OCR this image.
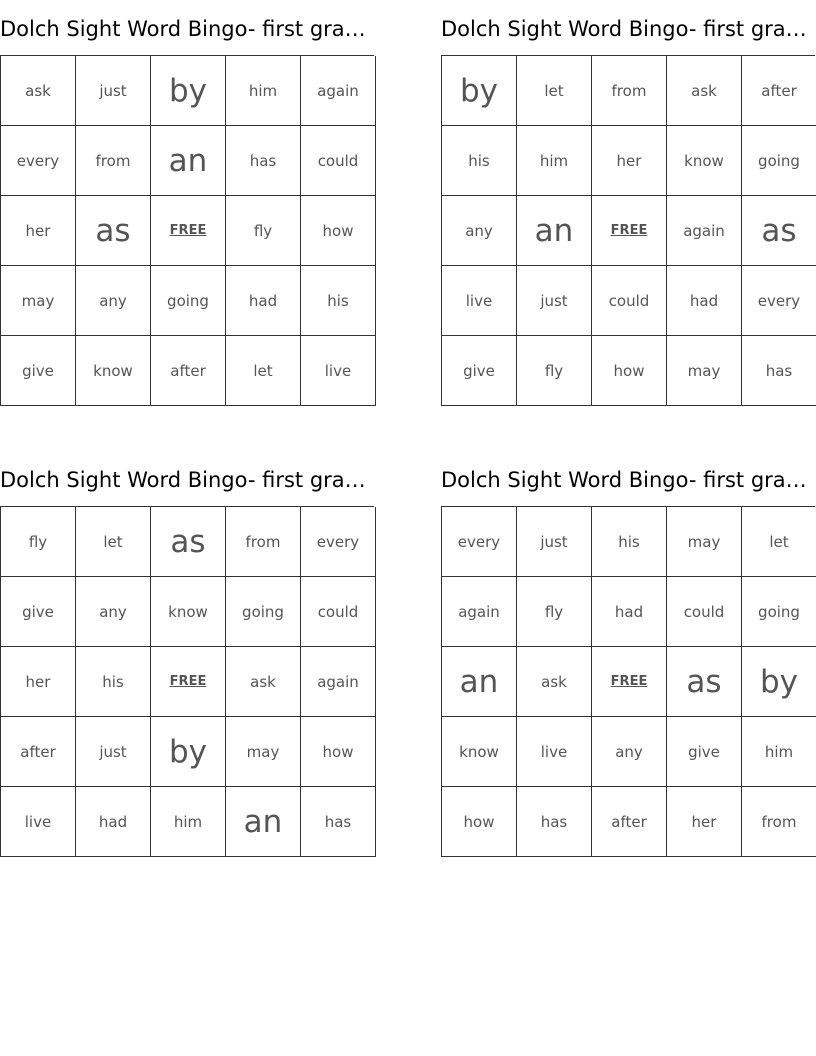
Dolch Sight Word Bingo- first gra…
ask	just	by	him	again
every	from	an	has	could
her	as	FREE	fly	how
may	any	going	had	his
give	know	after	let	live
Dolch Sight Word Bingo- first gra…
by	let	from	ask	after
his	him	her	know	going
any	an	FREE	again	as
live	just	could	had	every
give	fly	how	may	has
Dolch Sight Word Bingo- first gra…
fly	let	as	from	every
give	any	know	going	could
her	his	FREE	ask	again
after	just	by	may	how
live	had	him	an	has
Dolch Sight Word Bingo- first gra…
every	just	his	may	let
again	fly	had	could	going
an	ask	FREE	as	by
know	live	any	give	him
how	has	after	her	from
